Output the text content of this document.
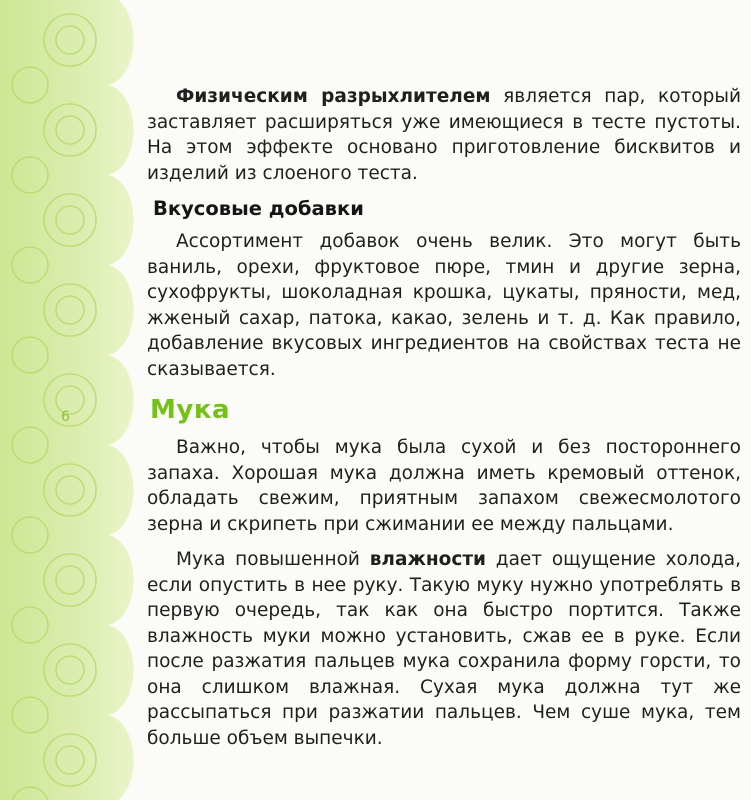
6

Физическим разрыхлителем является пар, который заставляет расширяться уже имеющиеся в тесте пустоты. На этом эффекте основано приготовление бисквитов и изделий из слоеного теста.

Вкусовые добавки

Ассортимент добавок очень велик. Это могут быть ваниль, орехи, фруктовое пюре, тмин и другие зерна, сухофрукты, шоколадная крошка, цукаты, пряности, мед, жженый сахар, патока, какао, зелень и т. д. Как правило, добавление вкусовых ингредиентов на свойствах теста не сказывается.

Мука

Важно, чтобы мука была сухой и без постороннего запаха. Хорошая мука должна иметь кремовый оттенок, обладать свежим, приятным запахом свежесмолотого зерна и скрипеть при сжимании ее между пальцами.

Мука повышенной влажности дает ощущение холода, если опустить в нее руку. Такую муку нужно употреблять в первую очередь, так как она быстро портится. Также влажность муки можно установить, сжав ее в руке. Если после разжатия пальцев мука сохранила форму горсти, то она слишком влажная. Сухая мука должна тут же рассыпаться при разжатии пальцев. Чем суше мука, тем больше объем выпечки.
